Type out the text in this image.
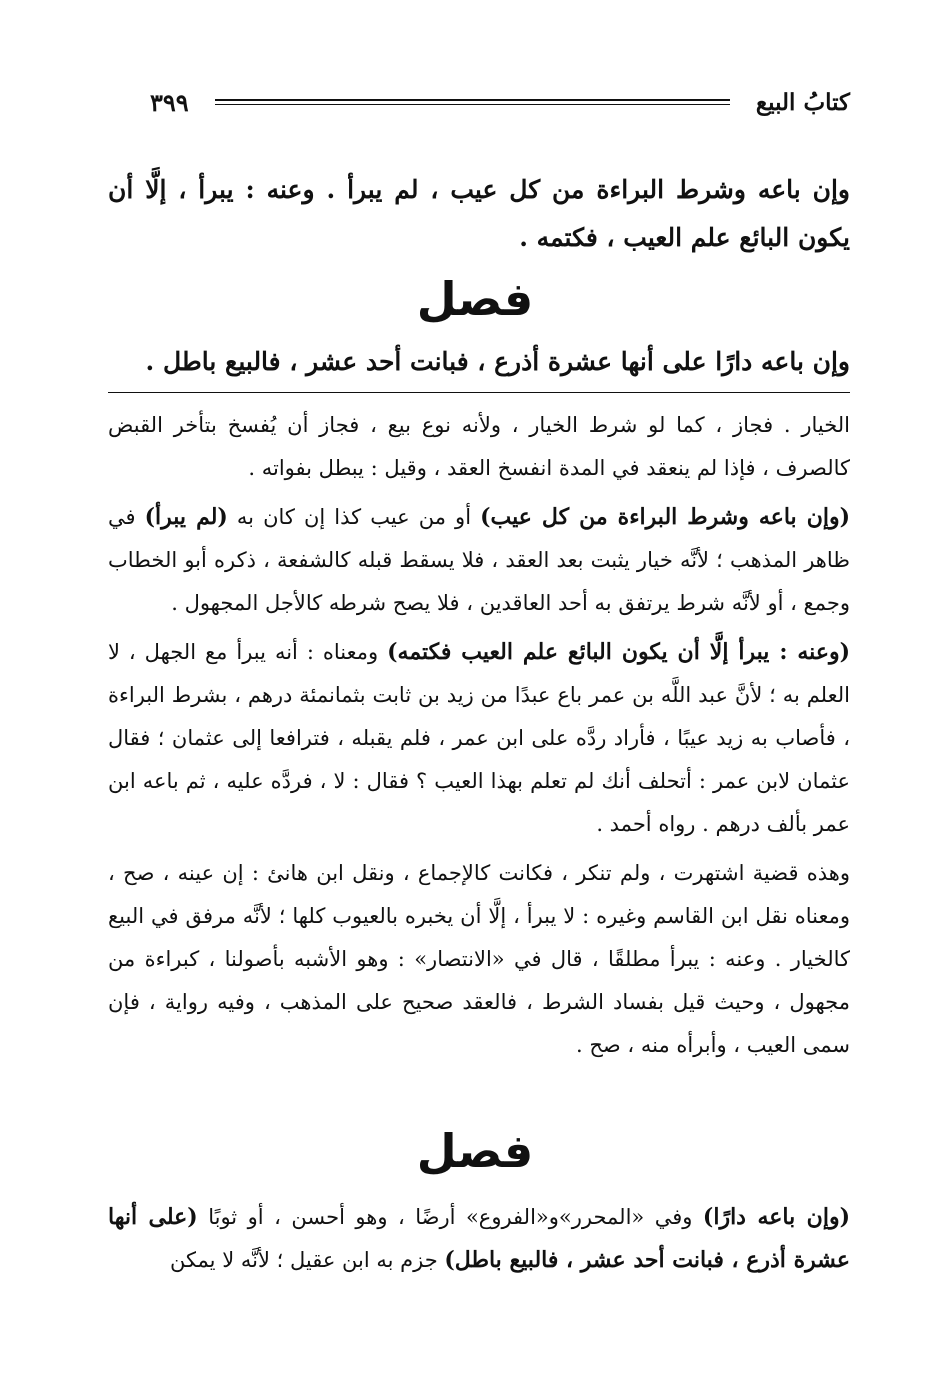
كتابُ البيع
٣٩٩
وإن باعه وشرط البراءة من كل عيب ، لم يبرأ . وعنه : يبرأ ، إلَّا أن يكون البائع علم العيب ، فكتمه .
فصل
وإن باعه دارًا على أنها عشرة أذرع ، فبانت أحد عشر ، فالبيع باطل .

الخيار . فجاز ، كما لو شرط الخيار ، ولأنه نوع بيع ، فجاز أن يُفسخ بتأخر القبض كالصرف ، فإذا لم ينعقد في المدة انفسخ العقد ، وقيل : يبطل بفواته .

(وإن باعه وشرط البراءة من كل عيب) أو من عيب كذا إن كان به (لم يبرأ) في ظاهر المذهب ؛ لأنَّه خيار يثبت بعد العقد ، فلا يسقط قبله كالشفعة ، ذكره أبو الخطاب وجمع ، أو لأنَّه شرط يرتفق به أحد العاقدين ، فلا يصح شرطه كالأجل المجهول .

(وعنه : يبرأ إلَّا أن يكون البائع علم العيب فكتمه) ومعناه : أنه يبرأ مع الجهل ، لا العلم به ؛ لأنَّ عبد اللَّه بن عمر باع عبدًا من زيد بن ثابت بثمانمئة درهم ، بشرط البراءة ، فأصاب به زيد عيبًا ، فأراد ردَّه على ابن عمر ، فلم يقبله ، فترافعا إلى عثمان ؛ فقال عثمان لابن عمر : أتحلف أنك لم تعلم بهذا العيب ؟ فقال : لا ، فردَّه عليه ، ثم باعه ابن عمر بألف درهم . رواه أحمد .

وهذه قضية اشتهرت ، ولم تنكر ، فكانت كالإجماع ، ونقل ابن هانئ : إن عينه ، صح ، ومعناه نقل ابن القاسم وغيره : لا يبرأ ، إلَّا أن يخبره بالعيوب كلها ؛ لأنَّه مرفق في البيع كالخيار . وعنه : يبرأ مطلقًا ، قال في «الانتصار» : وهو الأشبه بأصولنا ، كبراءة من مجهول ، وحيث قيل بفساد الشرط ، فالعقد صحيح على المذهب ، وفيه رواية ، فإن سمى العيب ، وأبرأه منه ، صح .

فصل

(وإن باعه دارًا) وفي «المحرر»و«الفروع» أرضًا ، وهو أحسن ، أو ثوبًا (على أنها عشرة أذرع ، فبانت أحد عشر ، فالبيع باطل) جزم به ابن عقيل ؛ لأنَّه لا يمكن
